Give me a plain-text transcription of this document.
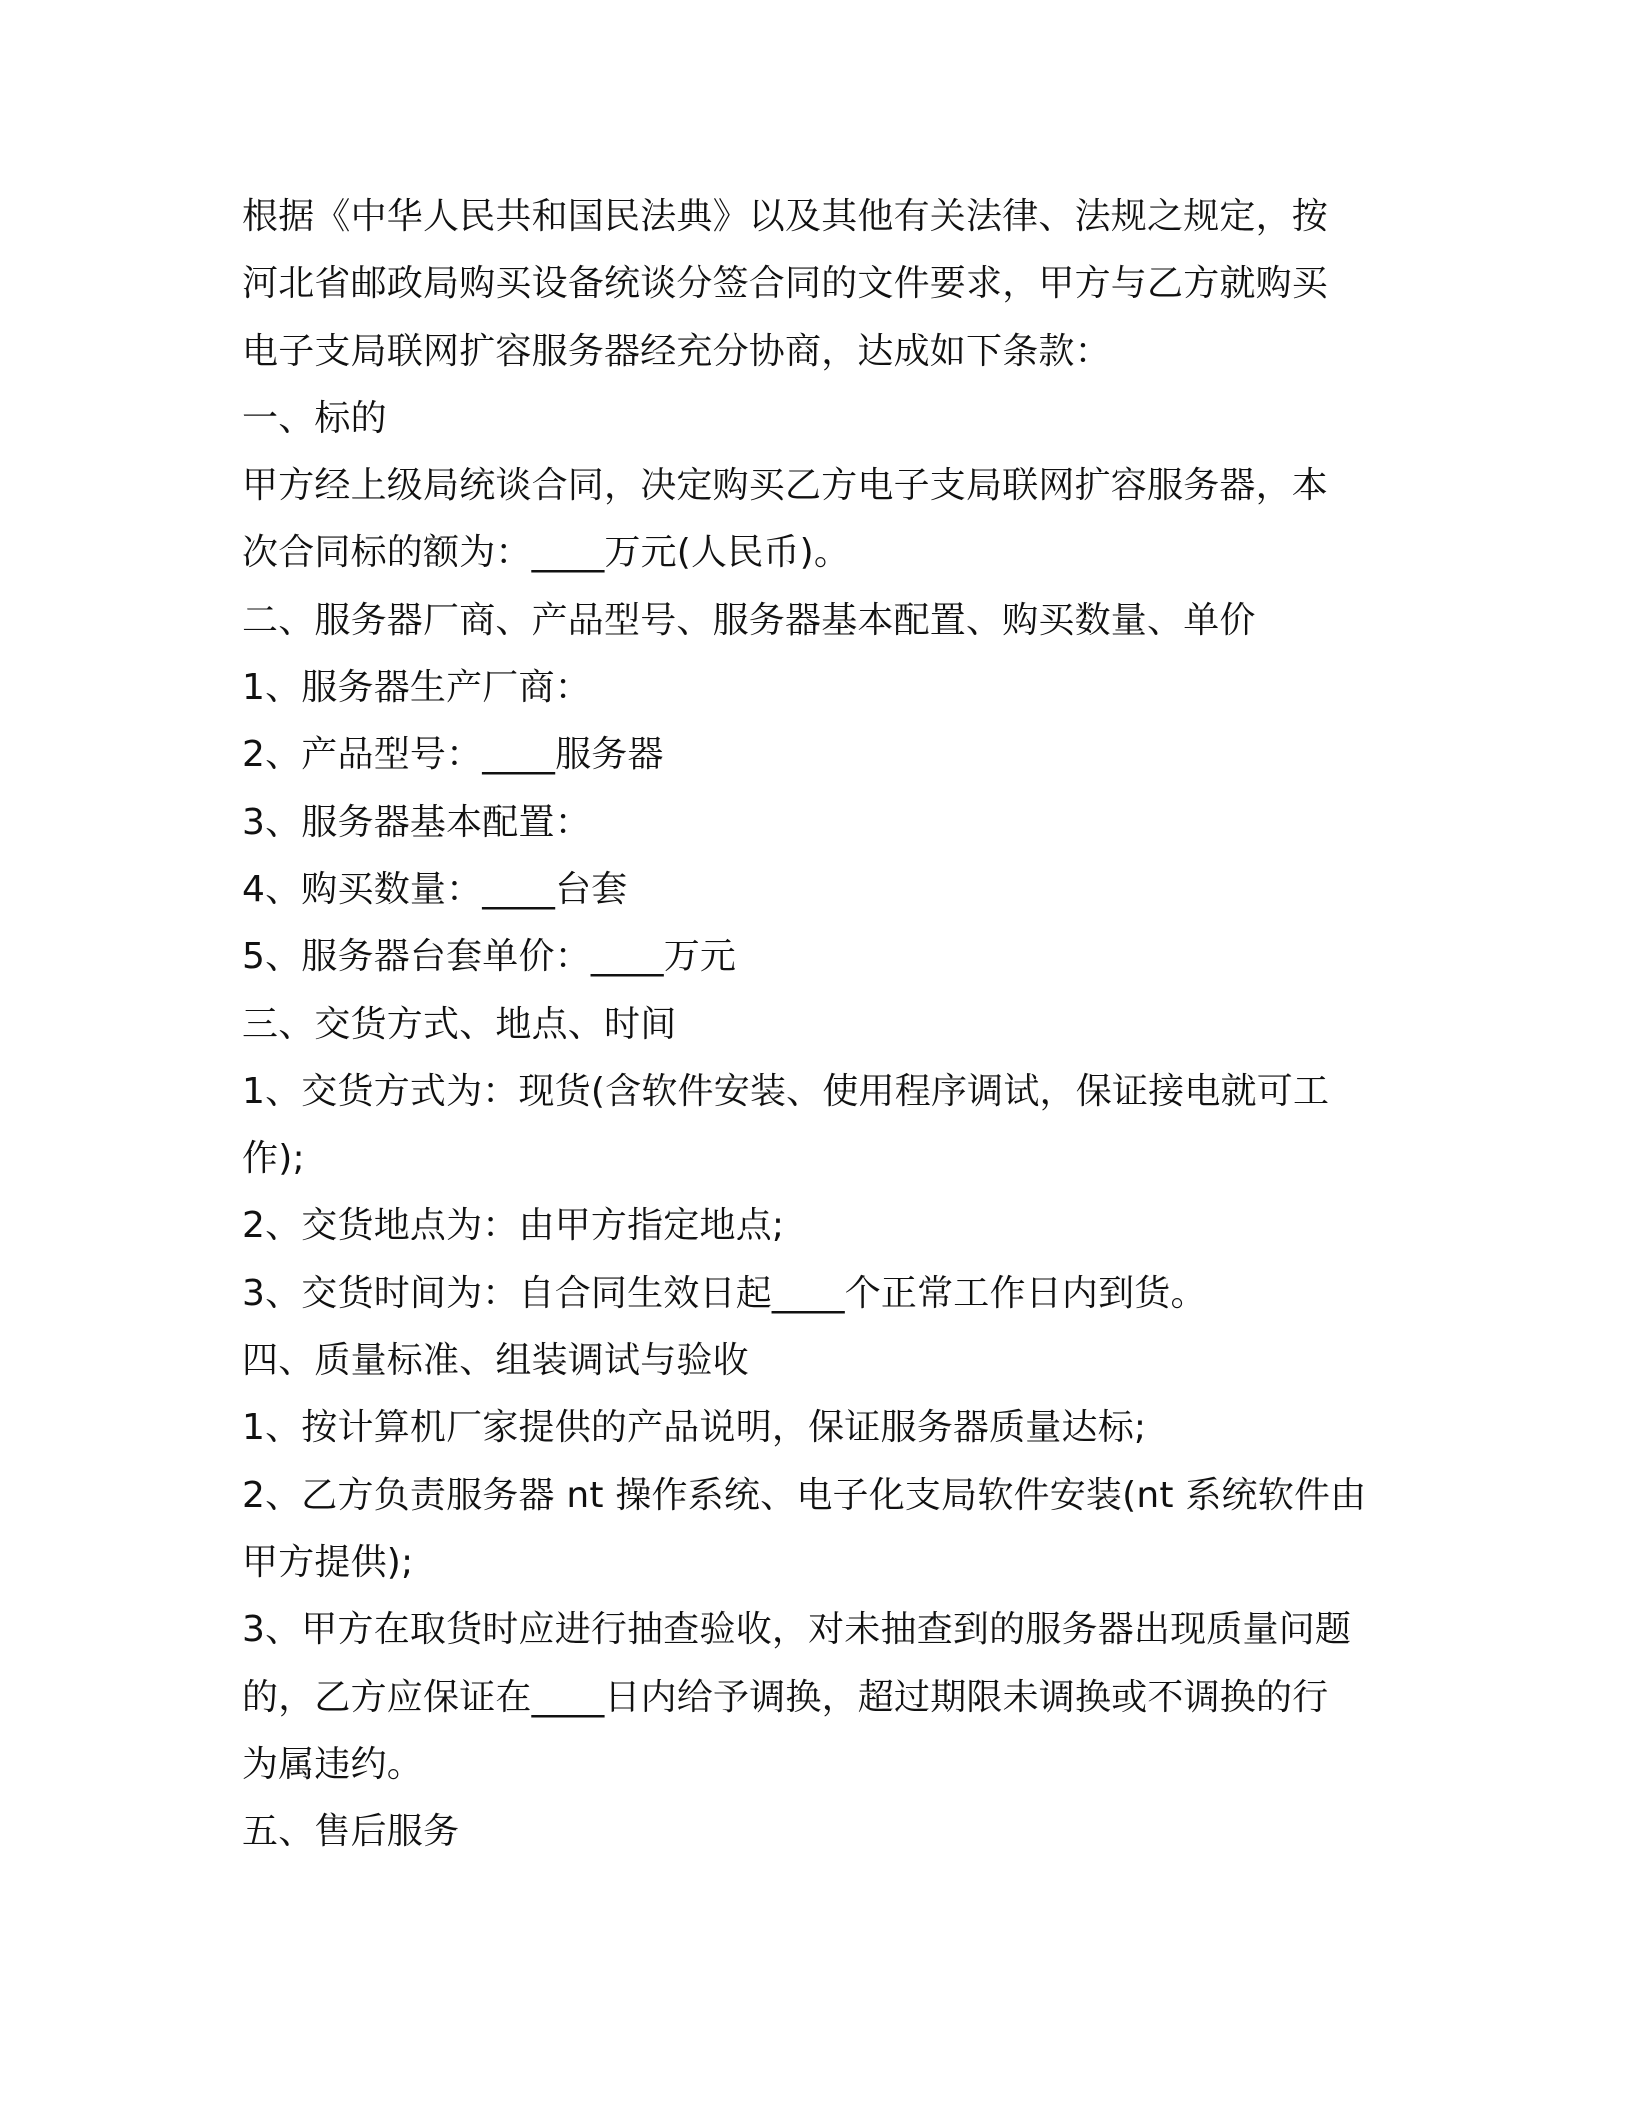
根据《中华人民共和国民法典》以及其他有关法律、法规之规定，按
河北省邮政局购买设备统谈分签合同的文件要求，甲方与乙方就购买
电子支局联网扩容服务器经充分协商，达成如下条款：
一、标的
甲方经上级局统谈合同，决定购买乙方电子支局联网扩容服务器，本
次合同标的额为：____万元(人民币)。
二、服务器厂商、产品型号、服务器基本配置、购买数量、单价
1、服务器生产厂商：
2、产品型号：____服务器
3、服务器基本配置：
4、购买数量：____台套
5、服务器台套单价：____万元
三、交货方式、地点、时间
1、交货方式为：现货(含软件安装、使用程序调试，保证接电就可工
作);
2、交货地点为：由甲方指定地点;
3、交货时间为：自合同生效日起____个正常工作日内到货。
四、质量标准、组装调试与验收
1、按计算机厂家提供的产品说明，保证服务器质量达标;
2、乙方负责服务器 nt 操作系统、电子化支局软件安装(nt 系统软件由
甲方提供);
3、甲方在取货时应进行抽查验收，对未抽查到的服务器出现质量问题
的，乙方应保证在____日内给予调换，超过期限未调换或不调换的行
为属违约。
五、售后服务
